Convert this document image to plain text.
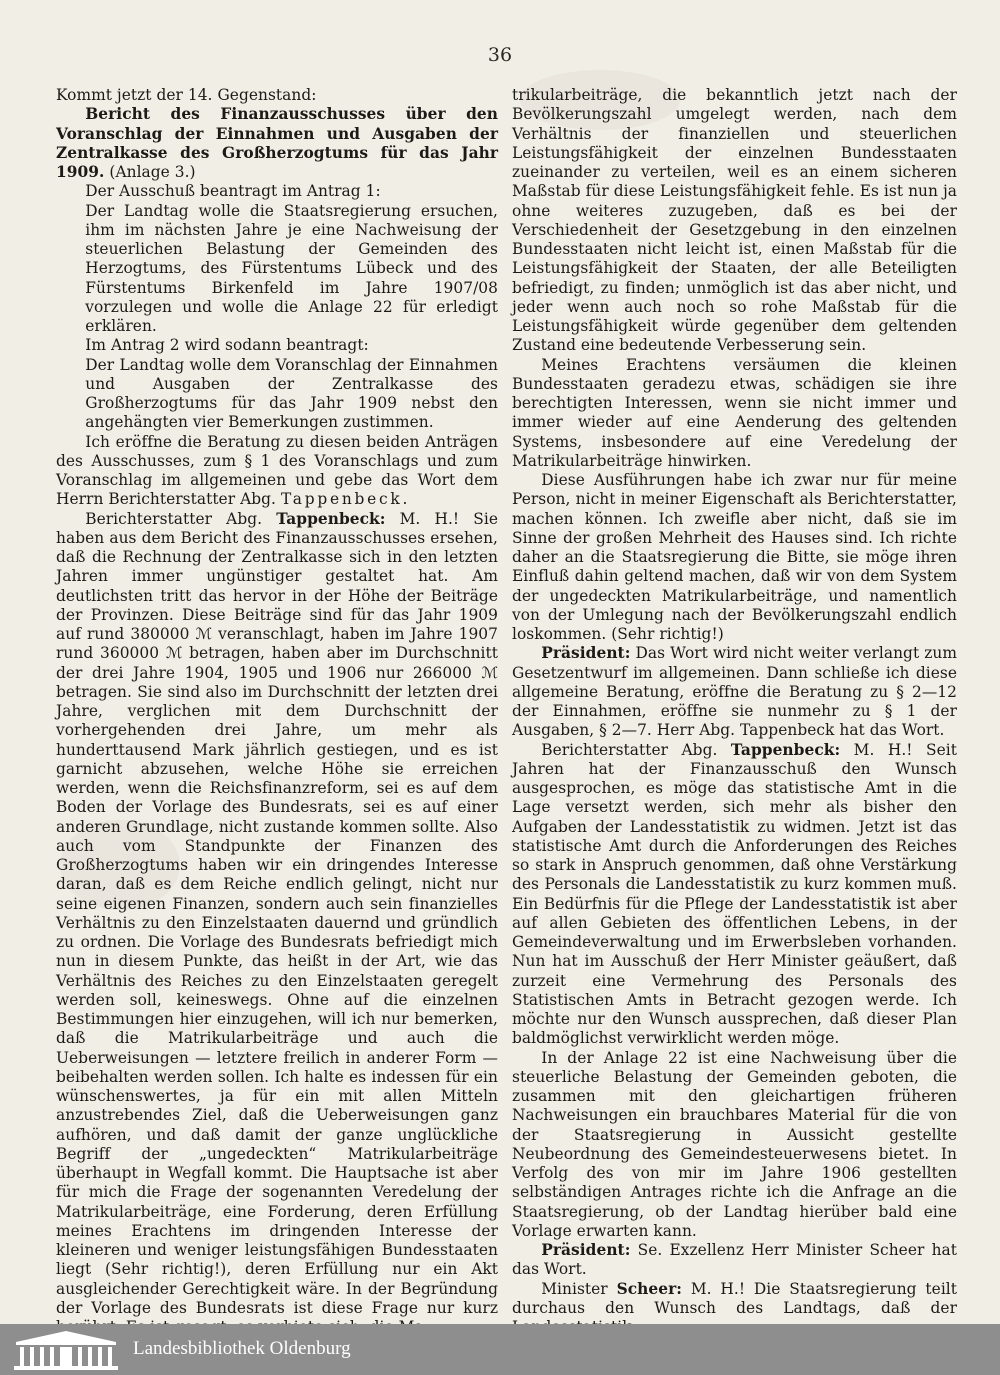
36

Kommt jetzt der 14. Gegenstand:

Bericht des Finanzausschusses über den Voranschlag der Einnahmen und Ausgaben der Zentralkasse des Großherzogtums für das Jahr 1909. (Anlage 3.)

Der Ausschuß beantragt im Antrag 1:

Der Landtag wolle die Staatsregierung ersuchen, ihm im nächsten Jahre je eine Nachweisung der steuerlichen Belastung der Gemeinden des Herzogtums, des Fürstentums Lübeck und des Fürstentums Birkenfeld im Jahre 1907/08 vorzulegen und wolle die Anlage 22 für erledigt erklären.

Im Antrag 2 wird sodann beantragt:

Der Landtag wolle dem Voranschlag der Einnahmen und Ausgaben der Zentralkasse des Großherzogtums für das Jahr 1909 nebst den angehängten vier Bemerkungen zustimmen.

Ich eröffne die Beratung zu diesen beiden Anträgen des Ausschusses, zum § 1 des Voranschlags und zum Voranschlag im allgemeinen und gebe das Wort dem Herrn Berichterstatter Abg. Tappenbeck.

Berichterstatter Abg. Tappenbeck: M. H.! Sie haben aus dem Bericht des Finanzausschusses ersehen, daß die Rechnung der Zentralkasse sich in den letzten Jahren immer ungünstiger gestaltet hat. Am deutlichsten tritt das hervor in der Höhe der Beiträge der Provinzen. Diese Beiträge sind für das Jahr 1909 auf rund 380000 ℳ veranschlagt, haben im Jahre 1907 rund 360000 ℳ betragen, haben aber im Durchschnitt der drei Jahre 1904, 1905 und 1906 nur 266000 ℳ betragen. Sie sind also im Durchschnitt der letzten drei Jahre, verglichen mit dem Durchschnitt der vorhergehenden drei Jahre, um mehr als hunderttausend Mark jährlich gestiegen, und es ist garnicht abzusehen, welche Höhe sie erreichen werden, wenn die Reichsfinanzreform, sei es auf dem Boden der Vorlage des Bundesrats, sei es auf einer anderen Grundlage, nicht zustande kommen sollte. Also auch vom Standpunkte der Finanzen des Großherzogtums haben wir ein dringendes Interesse daran, daß es dem Reiche endlich gelingt, nicht nur seine eigenen Finanzen, sondern auch sein finanzielles Verhältnis zu den Einzelstaaten dauernd und gründlich zu ordnen. Die Vorlage des Bundesrats befriedigt mich nun in diesem Punkte, das heißt in der Art, wie das Verhältnis des Reiches zu den Einzelstaaten geregelt werden soll, keineswegs. Ohne auf die einzelnen Bestimmungen hier einzugehen, will ich nur bemerken, daß die Matrikularbeiträge und auch die Ueberweisungen — letztere freilich in anderer Form — beibehalten werden sollen. Ich halte es indessen für ein wünschenswertes, ja für ein mit allen Mitteln anzustrebendes Ziel, daß die Ueberweisungen ganz aufhören, und daß damit der ganze unglückliche Begriff der „ungedeckten“ Matrikularbeiträge überhaupt in Wegfall kommt. Die Hauptsache ist aber für mich die Frage der sogenannten Veredelung der Matrikularbeiträge, eine Forderung, deren Erfüllung meines Erachtens im dringenden Interesse der kleineren und weniger leistungsfähigen Bundesstaaten liegt (Sehr richtig!), deren Erfüllung nur ein Akt ausgleichender Gerechtigkeit wäre. In der Begründung der Vorlage des Bundesrats ist diese Frage nur kurz

trikularbeiträge, die bekanntlich jetzt nach der Bevölkerungszahl umgelegt werden, nach dem Verhältnis der finanziellen und steuerlichen Leistungsfähigkeit der einzelnen Bundesstaaten zueinander zu verteilen, weil es an einem sicheren Maßstab für diese Leistungsfähigkeit fehle. Es ist nun ja ohne weiteres zuzugeben, daß es bei der Verschiedenheit der Gesetzgebung in den einzelnen Bundesstaaten nicht leicht ist, einen Maßstab für die Leistungsfähigkeit der Staaten, der alle Beteiligten befriedigt, zu finden; unmöglich ist das aber nicht, und jeder wenn auch noch so rohe Maßstab für die Leistungsfähigkeit würde gegenüber dem geltenden Zustand eine bedeutende Verbesserung sein.

Meines Erachtens versäumen die kleinen Bundesstaaten geradezu etwas, schädigen sie ihre berechtigten Interessen, wenn sie nicht immer und immer wieder auf eine Aenderung des geltenden Systems, insbesondere auf eine Veredelung der Matrikularbeiträge hinwirken.

Diese Ausführungen habe ich zwar nur für meine Person, nicht in meiner Eigenschaft als Berichterstatter, machen können. Ich zweifle aber nicht, daß sie im Sinne der großen Mehrheit des Hauses sind. Ich richte daher an die Staatsregierung die Bitte, sie möge ihren Einfluß dahin geltend machen, daß wir von dem System der ungedeckten Matrikularbeiträge, und namentlich von der Umlegung nach der Bevölkerungszahl endlich loskommen. (Sehr richtig!)

Präsident: Das Wort wird nicht weiter verlangt zum Gesetzentwurf im allgemeinen. Dann schließe ich diese allgemeine Beratung, eröffne die Beratung zu § 2—12 der Einnahmen, eröffne sie nunmehr zu § 1 der Ausgaben, § 2—7. Herr Abg. Tappenbeck hat das Wort.

Berichterstatter Abg. Tappenbeck: M. H.! Seit Jahren hat der Finanzausschuß den Wunsch ausgesprochen, es möge das statistische Amt in die Lage versetzt werden, sich mehr als bisher den Aufgaben der Landesstatistik zu widmen. Jetzt ist das statistische Amt durch die Anforderungen des Reiches so stark in Anspruch genommen, daß ohne Verstärkung des Personals die Landesstatistik zu kurz kommen muß. Ein Bedürfnis für die Pflege der Landesstatistik ist aber auf allen Gebieten des öffentlichen Lebens, in der Gemeindeverwaltung und im Erwerbsleben vorhanden. Nun hat im Ausschuß der Herr Minister geäußert, daß zurzeit eine Vermehrung des Personals des Statistischen Amts in Betracht gezogen werde. Ich möchte nur den Wunsch aussprechen, daß dieser Plan baldmöglichst verwirklicht werden möge.

In der Anlage 22 ist eine Nachweisung über die steuerliche Belastung der Gemeinden geboten, die zusammen mit den gleichartigen früheren Nachweisungen ein brauchbares Material für die von der Staatsregierung in Aussicht gestellte Neubeordnung des Gemeindesteuerwesens bietet. In Verfolg des von mir im Jahre 1906 gestellten selbständigen Antrages richte ich die Anfrage an die Staatsregierung, ob der Landtag hierüber bald eine Vorlage erwarten kann.

Präsident: Se. Exzellenz Herr Minister Scheer hat das Wort.

Minister Scheer: M. H.! Die Staatsregierung teilt durchaus den Wunsch des Landtags, daß der

Landesbibliothek Oldenburg
